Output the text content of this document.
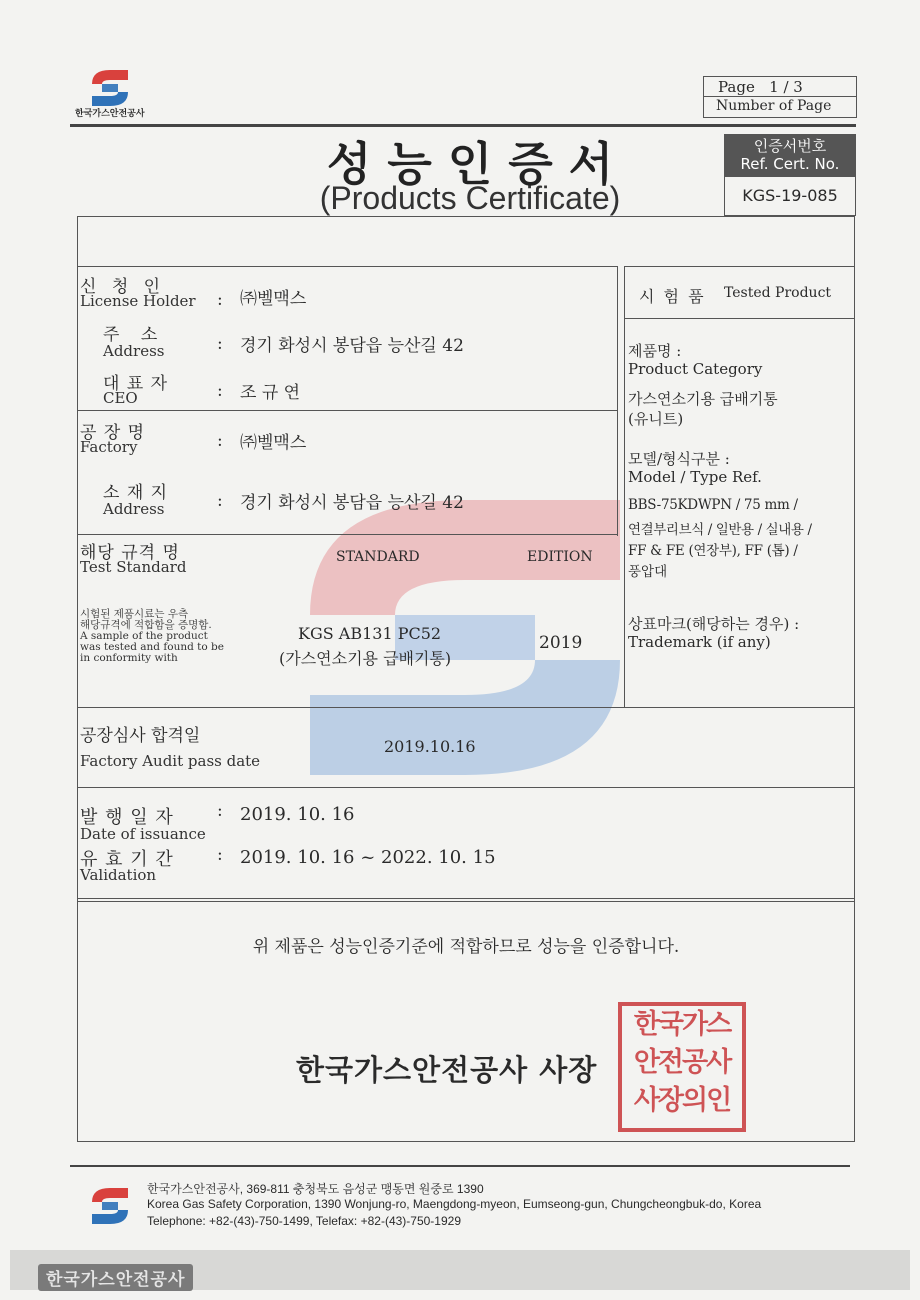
한국가스안전공사
Page   1 / 3
Number of Page
성 능 인 증 서
(Products Certificate)
인증서번호
Ref. Cert. No.
KGS-19-085
신 청 인
License Holder : ㈜벨맥스
주 소
Address	: 경기 화성시 봉담읍 능산길 42
대 표 자
CEO	: 조 규 연
공 장 명
Factory	: ㈜벨맥스
소 재 지
Address	: 경기 화성시 봉담읍 능산길 42
해당 규격 명
Test Standard
STANDARD	EDITION
시험된 제품시료는 우측
해당규격에 적합함을 증명함.
A sample of the product
was tested and found to be
in conformity with
KGS AB131 PC52
(가스연소기용 급배기통)
2019
시 험 품 Tested Product
제품명 :
Product Category
가스연소기용 급배기통
(유니트)
모델/형식구분 :
Model / Type Ref.
BBS-75KDWPN / 75 mm /
연결부리브식 / 일반용 / 실내용 /
FF & FE (연장부), FF (톱) /
풍압대
상표마크(해당하는 경우) :
Trademark (if any)
공장심사 합격일
Factory Audit pass date
2019.10.16
발 행 일 자
Date of issuance
: 2019. 10. 16
유 효 기 간
Validation
: 2019. 10. 16 ~ 2022. 10. 15
위 제품은 성능인증기준에 적합하므로 성능을 인증합니다.
한국가스안전공사 사장
한국가스
안전공사
사장의인
한국가스안전공사, 369-811 충청북도 음성군 맹동면 원중로 1390
Korea Gas Safety Corporation, 1390 Wonjung-ro, Maengdong-myeon, Eumseong-gun, Chungcheongbuk-do, Korea
Telephone: +82-(43)-750-1499, Telefax: +82-(43)-750-1929
한국가스안전공사
